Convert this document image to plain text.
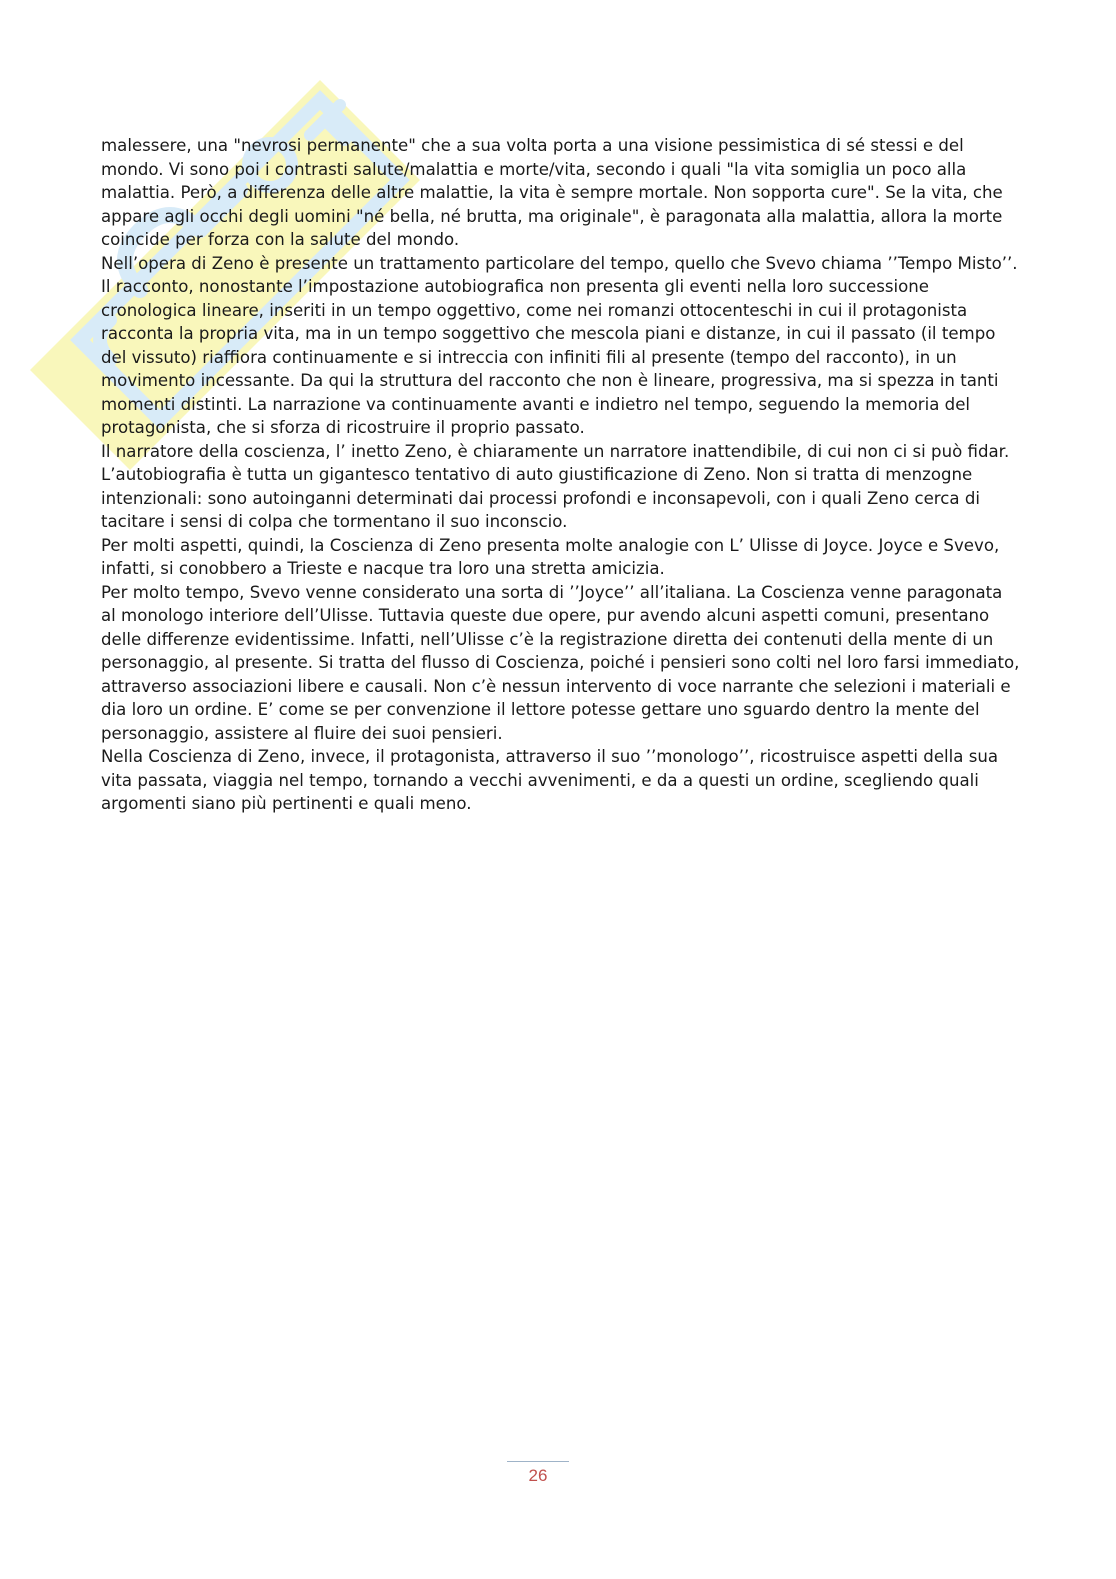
malessere, una "nevrosi permanente" che a sua volta porta a una visione pessimistica di sé stessi e del mondo. Vi sono poi i contrasti salute/malattia e morte/vita, secondo i quali "la vita somiglia un poco alla malattia. Però, a differenza delle altre malattie, la vita è sempre mortale. Non sopporta cure". Se la vita, che appare agli occhi degli uomini "né bella, né brutta, ma originale", è paragonata alla malattia, allora la morte coincide per forza con la salute del mondo.

Nell’opera di Zeno è presente un trattamento particolare del tempo, quello che Svevo chiama ’’Tempo Misto’’. Il racconto, nonostante l’impostazione autobiografica non presenta gli eventi nella loro successione cronologica lineare, inseriti in un tempo oggettivo, come nei romanzi ottocenteschi in cui il protagonista racconta la propria vita, ma in un tempo soggettivo che mescola piani e distanze, in cui il passato (il tempo del vissuto) riaffiora continuamente e si intreccia con infiniti fili al presente (tempo del racconto), in un movimento incessante. Da qui la struttura del racconto che non è lineare, progressiva, ma si spezza in tanti momenti distinti. La narrazione va continuamente avanti e indietro nel tempo, seguendo la memoria del protagonista, che si sforza di ricostruire il proprio passato.

Il narratore della coscienza, l’ inetto Zeno, è chiaramente un narratore inattendibile, di cui non ci si può fidar. L’autobiografia è tutta un gigantesco tentativo di auto giustificazione di Zeno. Non si tratta di menzogne intenzionali: sono autoinganni determinati dai processi profondi e inconsapevoli, con i quali Zeno cerca di tacitare i sensi di colpa che tormentano il suo inconscio.

Per molti aspetti, quindi, la Coscienza di Zeno presenta molte analogie con L’ Ulisse di Joyce. Joyce e Svevo, infatti, si conobbero a Trieste e nacque tra loro una stretta amicizia.

Per molto tempo, Svevo venne considerato una sorta di ’’Joyce’’ all’italiana. La Coscienza venne paragonata al monologo interiore dell’Ulisse. Tuttavia queste due opere, pur avendo alcuni aspetti comuni, presentano delle differenze evidentissime. Infatti, nell’Ulisse c’è la registrazione diretta dei contenuti della mente di un personaggio, al presente. Si tratta del flusso di Coscienza, poiché i pensieri sono colti nel loro farsi immediato, attraverso associazioni libere e causali. Non c’è nessun intervento di voce narrante che selezioni i materiali e dia loro un ordine. E’ come se per convenzione il lettore potesse gettare uno sguardo dentro la mente del personaggio, assistere al fluire dei suoi pensieri.

Nella Coscienza di Zeno, invece, il protagonista, attraverso il suo ’’monologo’’, ricostruisce aspetti della sua vita passata, viaggia nel tempo, tornando a vecchi avvenimenti, e da a questi un ordine, scegliendo quali argomenti siano più pertinenti e quali meno.

26
